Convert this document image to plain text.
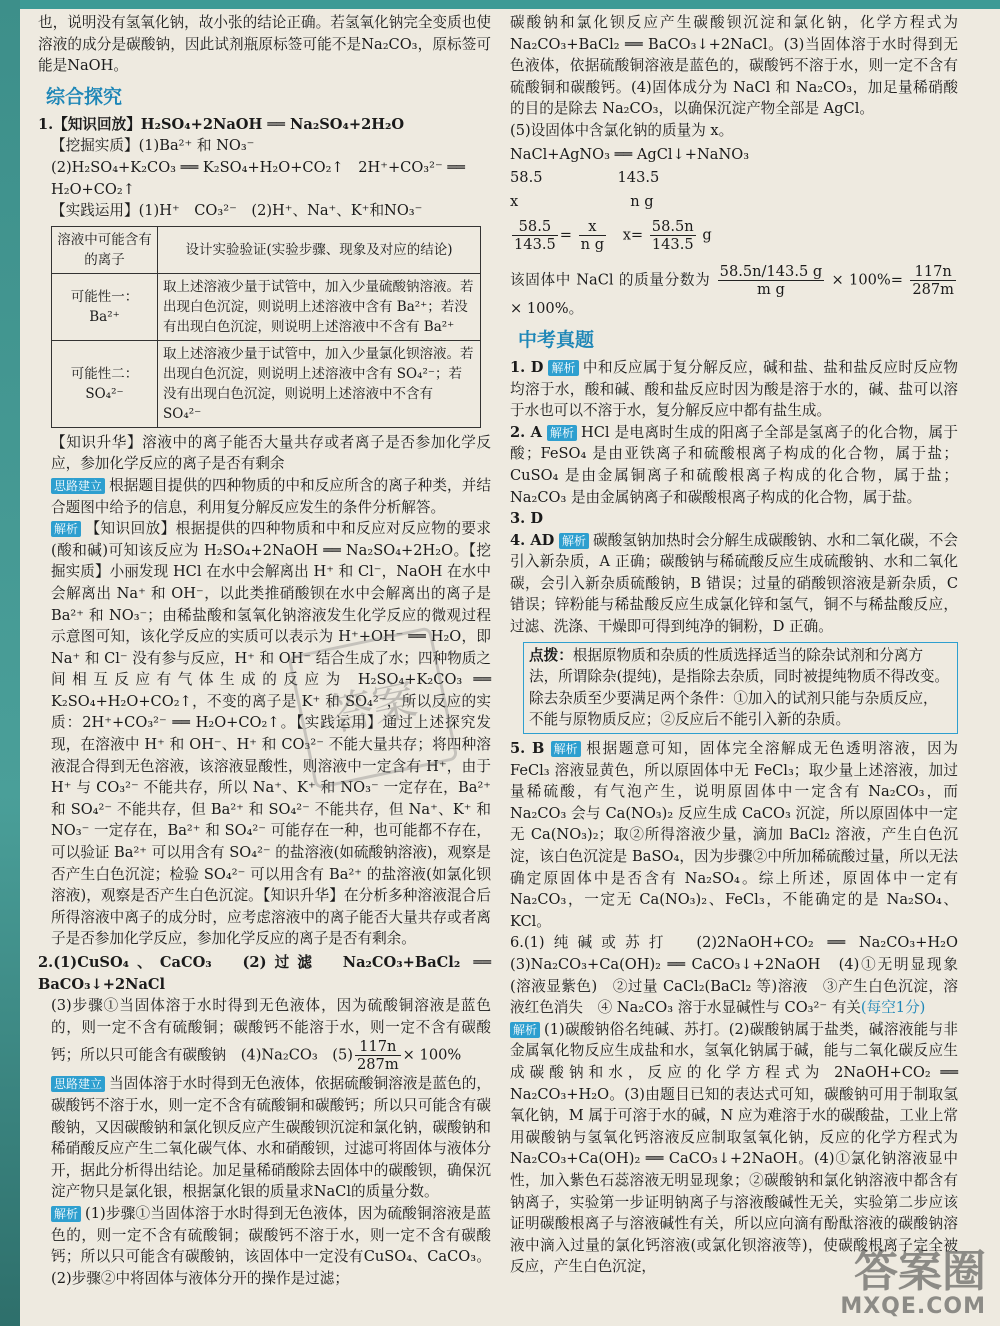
也，说明没有氢氧化钠，故小张的结论正确。若氢氧化钠完全变质也使溶液的成分是碳酸钠，因此试剂瓶原标签可能不是Na₂CO₃，原标签可能是NaOH。

综合探究

1.【知识回放】H₂SO₄+2NaOH ══ Na₂SO₄+2H₂O

【挖掘实质】(1)Ba²⁺ 和 NO₃⁻

(2)H₂SO₄+K₂CO₃ ══ K₂SO₄+H₂O+CO₂↑　2H⁺+CO₃²⁻ ══

H₂O+CO₂↑

【实践运用】(1)H⁺　CO₃²⁻　(2)H⁺、Na⁺、K⁺和NO₃⁻

溶液中可能含有的离子	设计实验验证(实验步骤、现象及对应的结论)
可能性一：Ba²⁺	取上述溶液少量于试管中，加入少量硫酸钠溶液。若出现白色沉淀，则说明上述溶液中含有 Ba²⁺；若没有出现白色沉淀，则说明上述溶液中不含有 Ba²⁺
可能性二：SO₄²⁻	取上述溶液少量于试管中，加入少量氯化钡溶液。若出现白色沉淀，则说明上述溶液中含有 SO₄²⁻；若没有出现白色沉淀，则说明上述溶液中不含有 SO₄²⁻

【知识升华】溶液中的离子能否大量共存或者离子是否参加化学反应，参加化学反应的离子是否有剩余

思路建立 根据题目提供的四种物质的中和反应所含的离子种类，并结合题图中给予的信息，利用复分解反应发生的条件分析解答。

解析 【知识回放】根据提供的四种物质和中和反应对反应物的要求(酸和碱)可知该反应为 H₂SO₄+2NaOH ══ Na₂SO₄+2H₂O。【挖掘实质】小丽发现 HCl 在水中会解离出 H⁺ 和 Cl⁻，NaOH 在水中会解离出 Na⁺ 和 OH⁻，以此类推硝酸钡在水中会解离出的离子是 Ba²⁺ 和 NO₃⁻；由稀盐酸和氢氧化钠溶液发生化学反应的微观过程示意图可知，该化学反应的实质可以表示为 H⁺+OH⁻ ══ H₂O，即 Na⁺ 和 Cl⁻ 没有参与反应，H⁺ 和 OH⁻ 结合生成了水；四种物质之间相互反应有气体生成的反应为 H₂SO₄+K₂CO₃ ══ K₂SO₄+H₂O+CO₂↑，不变的离子是 K⁺ 和 SO₄²⁻，所以反应的实质：2H⁺+CO₃²⁻ ══ H₂O+CO₂↑。【实践运用】通过上述探究发现，在溶液中 H⁺ 和 OH⁻、H⁺ 和 CO₃²⁻ 不能大量共存；将四种溶液混合得到无色溶液，该溶液显酸性，则溶液中一定含有 H⁺，由于 H⁺ 与 CO₃²⁻ 不能共存，所以 Na⁺、K⁺ 和 NO₃⁻ 一定存在，Ba²⁺ 和 SO₄²⁻ 不能共存，但 Ba²⁺ 和 SO₄²⁻ 不能共存，但 Na⁺、K⁺ 和 NO₃⁻ 一定存在，Ba²⁺ 和 SO₄²⁻ 可能存在一种，也可能都不存在，可以验证 Ba²⁺ 可以用含有 SO₄²⁻ 的盐溶液(如硫酸钠溶液)，观察是否产生白色沉淀；检验 SO₄²⁻ 可以用含有 Ba²⁺ 的盐溶液(如氯化钡溶液)，观察是否产生白色沉淀。【知识升华】在分析多种溶液混合后所得溶液中离子的成分时，应考虑溶液中的离子能否大量共存或者离子是否参加化学反应，参加化学反应的离子是否有剩余。

2.(1)CuSO₄、CaCO₃　(2)过滤　Na₂CO₃+BaCl₂ ══ BaCO₃↓+2NaCl

(3)步骤①当固体溶于水时得到无色液体，因为硫酸铜溶液是蓝色的，则一定不含有硫酸铜；碳酸钙不能溶于水，则一定不含有碳酸钙；所以只可能含有碳酸钠　(4)Na₂CO₃　$(5) \frac{117n}{287m} \times 100\%$

思路建立 当固体溶于水时得到无色液体，依据硫酸铜溶液是蓝色的，碳酸钙不溶于水，则一定不含有硫酸铜和碳酸钙；所以只可能含有碳酸钠，又因碳酸钠和氯化钡反应产生碳酸钡沉淀和氯化钠，碳酸钠和稀硝酸反应产生二氧化碳气体、水和硝酸钡，过滤可将固体与液体分开，据此分析得出结论。加足量稀硝酸除去固体中的碳酸钡，确保沉淀产物只是氯化银，根据氯化银的质量求NaCl的质量分数。

解析 (1)步骤①当固体溶于水时得到无色液体，因为硫酸铜溶液是蓝色的，则一定不含有硫酸铜；碳酸钙不溶于水，则一定不含有碳酸钙；所以只可能含有碳酸钠，该固体中一定没有CuSO₄、CaCO₃。(2)步骤②中将固体与液体分开的操作是过滤；

碳酸钠和氯化钡反应产生碳酸钡沉淀和氯化钠，化学方程式为 Na₂CO₃+BaCl₂ ══ BaCO₃↓+2NaCl。(3)当固体溶于水时得到无色液体，依据硫酸铜溶液是蓝色的，碳酸钙不溶于水，则一定不含有硫酸铜和碳酸钙。(4)固体成分为 NaCl 和 Na₂CO₃，加足量稀硝酸的目的是除去 Na₂CO₃，以确保沉淀产物全部是 AgCl。

(5)设固体中含氯化钠的质量为 x。

NaCl+AgNO₃ ══ AgCl↓+NaNO₃

58.5	143.5

x	n g

$\frac{58.5}{143.5} = \frac{x}{\text{n g}} x= \frac{58.5n}{143.5}$ g

该固体中 NaCl 的质量分数为 $\frac{58.5n/143.5 g}{\text{m g}} \times 100\%= \frac{117n}{287m}$
× 100%。

中考真题

1. D 解析 中和反应属于复分解反应，碱和盐、盐和盐反应时反应物均溶于水，酸和碱、酸和盐反应时因为酸是溶于水的，碱、盐可以溶于水也可以不溶于水，复分解反应中都有盐生成。

2. A 解析 HCl 是电离时生成的阳离子全部是氢离子的化合物，属于酸；FeSO₄ 是由亚铁离子和硫酸根离子构成的化合物，属于盐；CuSO₄ 是由金属铜离子和硫酸根离子构成的化合物，属于盐；Na₂CO₃ 是由金属钠离子和碳酸根离子构成的化合物，属于盐。

3. D

4. AD 解析 碳酸氢钠加热时会分解生成碳酸钠、水和二氧化碳，不会引入新杂质，A 正确；碳酸钠与稀硫酸反应生成硫酸钠、水和二氧化碳，会引入新杂质硫酸钠，B 错误；过量的硝酸钡溶液是新杂质，C 错误；锌粉能与稀盐酸反应生成氯化锌和氢气，铜不与稀盐酸反应，过滤、洗涤、干燥即可得到纯净的铜粉，D 正确。

点拨：根据原物质和杂质的性质选择适当的除杂试剂和分离方法，所谓除杂(提纯)，是指除去杂质，同时被提纯物质不得改变。除去杂质至少要满足两个条件：①加入的试剂只能与杂质反应，不能与原物质反应；②反应后不能引入新的杂质。

5. B 解析 根据题意可知，固体完全溶解成无色透明溶液，因为 FeCl₃ 溶液显黄色，所以原固体中无 FeCl₃；取少量上述溶液，加过量稀硫酸，有气泡产生，说明原固体中一定含有 Na₂CO₃，而 Na₂CO₃ 会与 Ca(NO₃)₂ 反应生成 CaCO₃ 沉淀，所以原固体中一定无 Ca(NO₃)₂；取②所得溶液少量，滴加 BaCl₂ 溶液，产生白色沉淀，该白色沉淀是 BaSO₄，因为步骤②中所加稀硫酸过量，所以无法确定原固体中是否含有 Na₂SO₄。综上所述，原固体中一定有 Na₂CO₃，一定无 Ca(NO₃)₂、FeCl₃，不能确定的是 Na₂SO₄、KCl。

6.(1)纯碱或苏打　(2)2NaOH+CO₂ ══ Na₂CO₃+H₂O　(3)Na₂CO₃+Ca(OH)₂ ══ CaCO₃↓+2NaOH　(4)①无明显现象(溶液显紫色)　②过量 CaCl₂(BaCl₂ 等)溶液　③产生白色沉淀，溶液红色消失　④ Na₂CO₃ 溶于水显碱性与 CO₃²⁻ 有关(每空1分)

解析 (1)碳酸钠俗名纯碱、苏打。(2)碳酸钠属于盐类，碱溶液能与非金属氧化物反应生成盐和水，氢氧化钠属于碱，能与二氧化碳反应生成碳酸钠和水，反应的化学方程式为 2NaOH+CO₂ ══ Na₂CO₃+H₂O。(3)由题目已知的表达式可知，碳酸钠可用于制取氢氧化钠，M 属于可溶于水的碱，N 应为难溶于水的碳酸盐，工业上常用碳酸钠与氢氧化钙溶液反应制取氢氧化钠，反应的化学方程式为 Na₂CO₃+Ca(OH)₂ ══ CaCO₃↓+2NaOH。(4)①氯化钠溶液显中性，加入紫色石蕊溶液无明显现象；②碳酸钠和氯化钠溶液中都含有钠离子，实验第一步证明钠离子与溶液酸碱性无关，实验第二步应该证明碳酸根离子与溶液碱性有关，所以应向滴有酚酞溶液的碳酸钠溶液中滴入过量的氯化钙溶液(或氯化钡溶液等)，使碳酸根离子完全被反应，产生白色沉淀，

答案
答案圈
MXQE.COM
